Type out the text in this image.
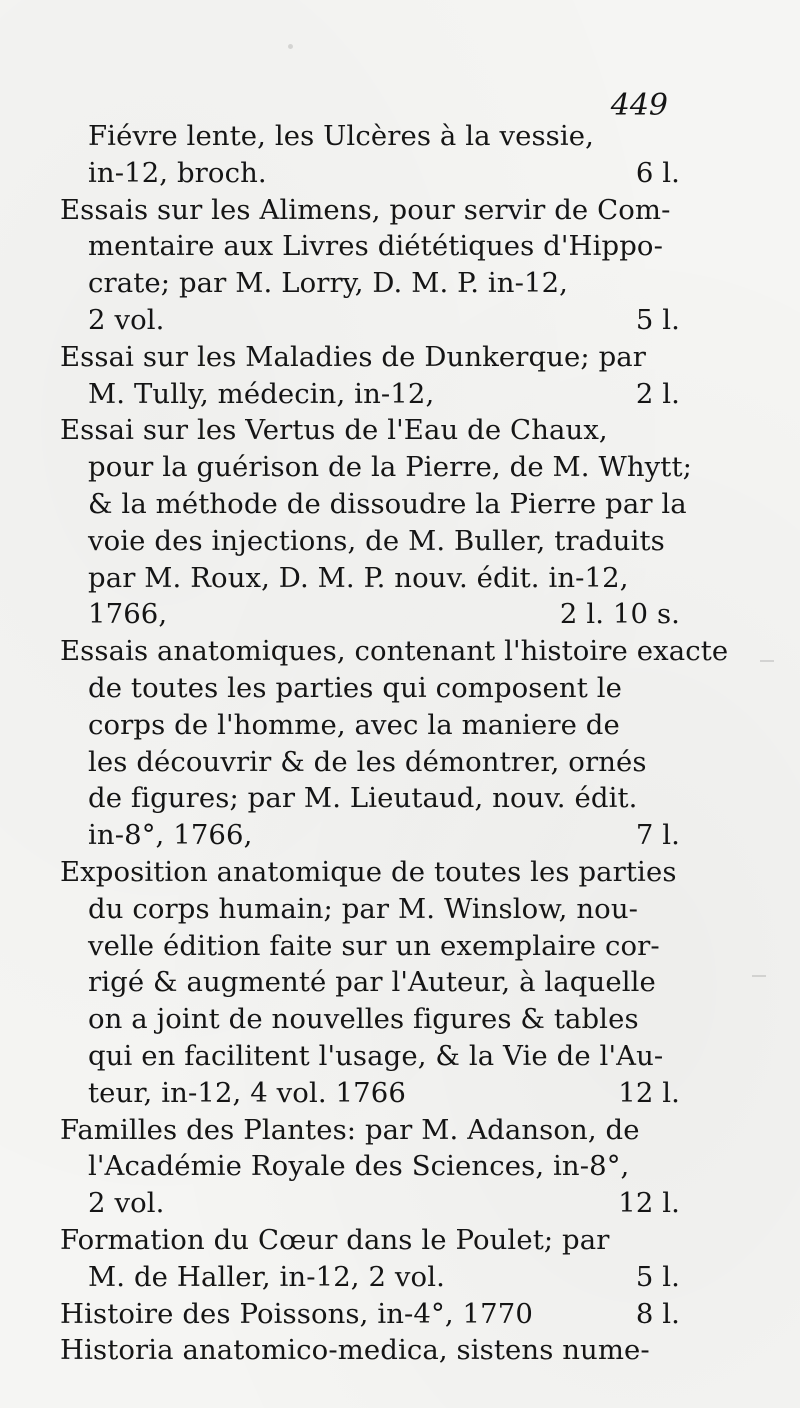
449
Fiévre lente, les Ulcères à la vessie,
in-12, broch.	6 l.
Essais sur les Alimens, pour servir de Com-
mentaire aux Livres diététiques d'Hippo-
crate; par M. Lorry, D. M. P. in-12,
2 vol.	5 l.
Essai sur les Maladies de Dunkerque; par
M. Tully, médecin, in-12,	2 l.
Essai sur les Vertus de l'Eau de Chaux,
pour la guérison de la Pierre, de M. Whytt;
& la méthode de dissoudre la Pierre par la
voie des injections, de M. Buller, traduits
par M. Roux, D. M. P. nouv. édit. in-12,
1766,	2 l. 10 s.
Essais anatomiques, contenant l'histoire exacte
de toutes les parties qui composent le
corps de l'homme, avec la maniere de
les découvrir & de les démontrer, ornés
de figures; par M. Lieutaud, nouv. édit.
in-8°, 1766,	7 l.
Exposition anatomique de toutes les parties
du corps humain; par M. Winslow, nou-
velle édition faite sur un exemplaire cor-
rigé & augmenté par l'Auteur, à laquelle
on a joint de nouvelles figures & tables
qui en facilitent l'usage, & la Vie de l'Au-
teur, in-12, 4 vol. 1766	12 l.
Familles des Plantes: par M. Adanson, de
l'Académie Royale des Sciences, in-8°,
2 vol.	12 l.
Formation du Cœur dans le Poulet; par
M. de Haller, in-12, 2 vol.	5 l.
Histoire des Poissons, in-4°, 1770	8 l.
Historia anatomico-medica, sistens nume-
